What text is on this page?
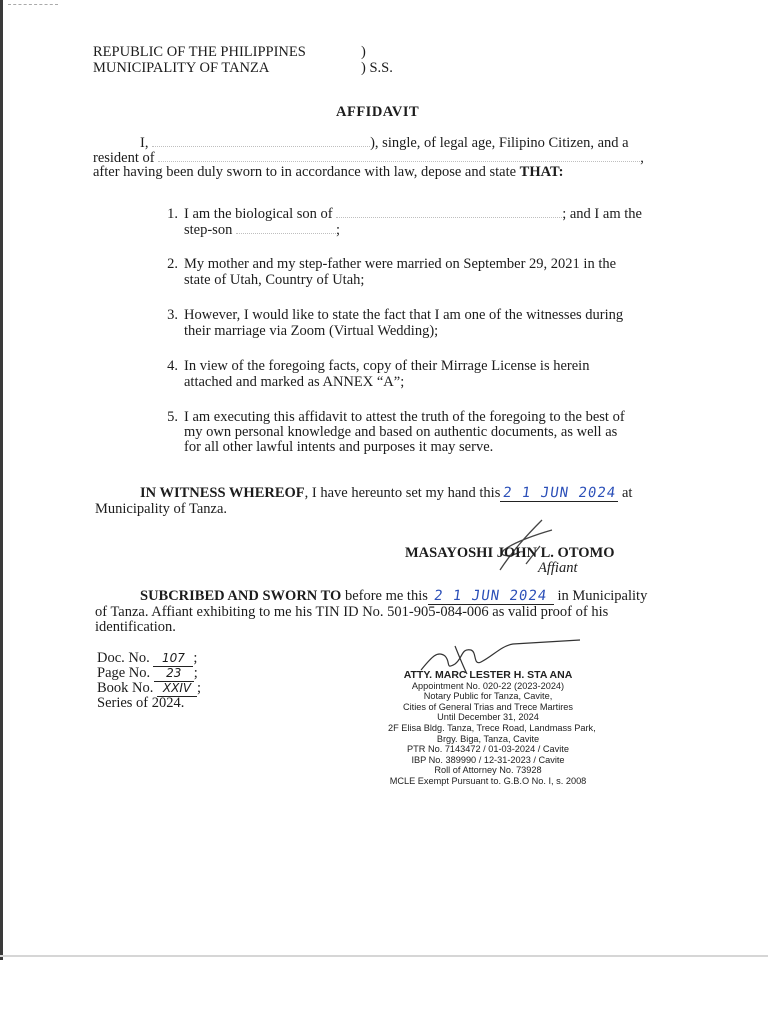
REPUBLIC OF THE PHILIPPINES	)
MUNICIPALITY OF TANZA	) S.S.
AFFIDAVIT
I,	), single, of legal age, Filipino Citizen, and a
resident of	,
after having been duly sworn to in accordance with law, depose and state THAT:
1. I am the biological son of	; and I am the
step-son	;
2. My mother and my step-father were married on September 29, 2021 in the
state of Utah, Country of Utah;
3. However, I would like to state the fact that I am one of the witnesses during
their marriage via Zoom (Virtual Wedding);
4. In view of the foregoing facts, copy of their Mirrage License is herein
attached and marked as ANNEX “A”;
5. I am executing this affidavit to attest the truth of the foregoing to the best of
my own personal knowledge and based on authentic documents, as well as
for all other lawful intents and purposes it may serve.
IN WITNESS WHEREOF, I have hereunto set my hand this2 1 JUN 2024 at
Municipality of Tanza.
MASAYOSHI JOHN L. OTOMO
Affiant
SUBCRIBED AND SWORN TO before me this 2 1 JUN 2024 in Municipality
of Tanza. Affiant exhibiting to me his TIN ID No. 501-905-084-006 as valid proof of his
identification.
Doc. No. 107 ;
Page No. 23 ;
Book No. XXIV ;
Series of 2024.
ATTY. MARC LESTER H. STA ANA
Appointment No. 020-22 (2023-2024)
Notary Public for Tanza, Cavite,
Cities of General Trias and Trece Martires
Until December 31, 2024
2F Elisa Bldg. Tanza, Trece Road, Landmass Park,
Brgy. Biga, Tanza, Cavite
PTR No. 7143472 / 01-03-2024 / Cavite
IBP No. 389990 / 12-31-2023 / Cavite
Roll of Attorney No. 73928
MCLE Exempt Pursuant to. G.B.O No. I, s. 2008
